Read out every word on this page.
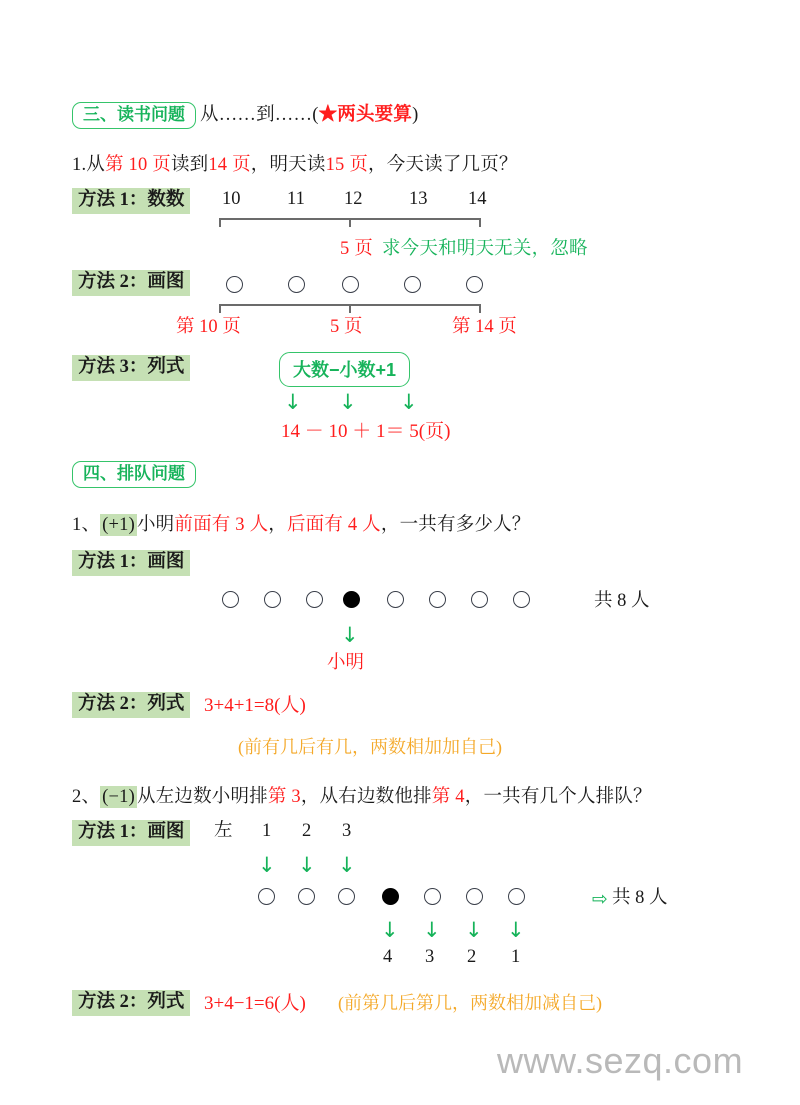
三、读书问题 从……到……(★两头要算)
1.从第 10 页读到14 页，明天读15 页，今天读了几页？
方法 1：数数	10	11 12	13 14
5 页 求今天和明天无关，忽略
方法 2：画图
第 10 页	5 页	第 14 页
方法 3：列式	大数−小数+1
↓ ↓ ↓
14 － 10 ＋ 1＝ 5(页)
四、排队问题
1、 (+1) 小明前面有 3 人，后面有 4 人，一共有多少人？
方法 1：画图
共 8 人
↓
小明
方法 2：列式	3+4+1=8(人)
(前有几后有几，两数相加加自己)
2、 (−1) 从左边数小明排第 3，从右边数他排第 4，一共有几个人排队？
方法 1：画图	左 1 2 3
↓ ↓ ↓
⇨ 共 8 人
↓ ↓ ↓ ↓
4 3 2 1
方法 2：列式	3+4−1=6(人) (前第几后第几，两数相加减自己)
www.sezq.com
